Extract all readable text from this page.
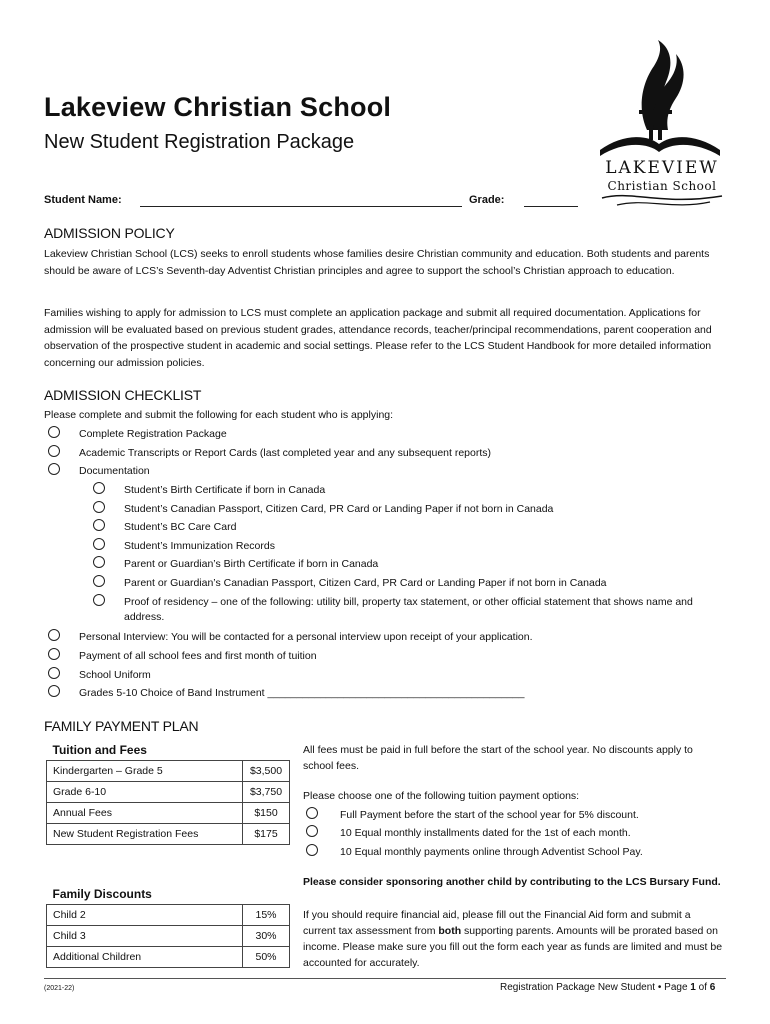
Lakeview Christian School
New Student Registration Package
LAKEVIEW
Christian School
Student Name:	Grade:
ADMISSION POLICY
Lakeview Christian School (LCS) seeks to enroll students whose families desire Christian community and education. Both students and parents should be aware of LCS’s Seventh-day Adventist Christian principles and agree to support the school’s Christian approach to education.
Families wishing to apply for admission to LCS must complete an application package and submit all required documentation. Applications for admission will be evaluated based on previous student grades, attendance records, teacher/principal recommendations, parent cooperation and observation of the prospective student in academic and social settings. Please refer to the LCS Student Handbook for more detailed information concerning our admission policies.
ADMISSION CHECKLIST
Please complete and submit the following for each student who is applying:
Complete Registration Package
Academic Transcripts or Report Cards (last completed year and any subsequent reports)
Documentation
Student’s Birth Certificate if born in Canada
Student’s Canadian Passport, Citizen Card, PR Card or Landing Paper if not born in Canada
Student’s BC Care Card
Student’s Immunization Records
Parent or Guardian’s Birth Certificate if born in Canada
Parent or Guardian’s Canadian Passport, Citizen Card, PR Card or Landing Paper if not born in Canada
Proof of residency – one of the following: utility bill, property tax statement, or other official statement that shows name and address.
Personal Interview: You will be contacted for a personal interview upon receipt of your application.
Payment of all school fees and first month of tuition
School Uniform
Grades 5-10 Choice of Band Instrument ____________________________________________
FAMILY PAYMENT PLAN
Tuition and Fees	
Kindergarten – Grade 5	$3,500
Grade 6-10	$3,750
Annual Fees	$150
New Student Registration Fees	$175
All fees must be paid in full before the start of the school year. No discounts apply to school fees.
Please choose one of the following tuition payment options:
Full Payment before the start of the school year for 5% discount.
10 Equal monthly installments dated for the 1st of each month.
10 Equal monthly payments online through Adventist School Pay.
Family Discounts	
Child 2	15%
Child 3	30%
Additional Children	50%
Please consider sponsoring another child by contributing to the LCS Bursary Fund.
If you should require financial aid, please fill out the Financial Aid form and submit a current tax assessment from both supporting parents. Amounts will be prorated based on income. Please make sure you fill out the form each year as funds are limited and must be accounted for accurately.
(2021-22)	Registration Package New Student • Page 1 of 6
